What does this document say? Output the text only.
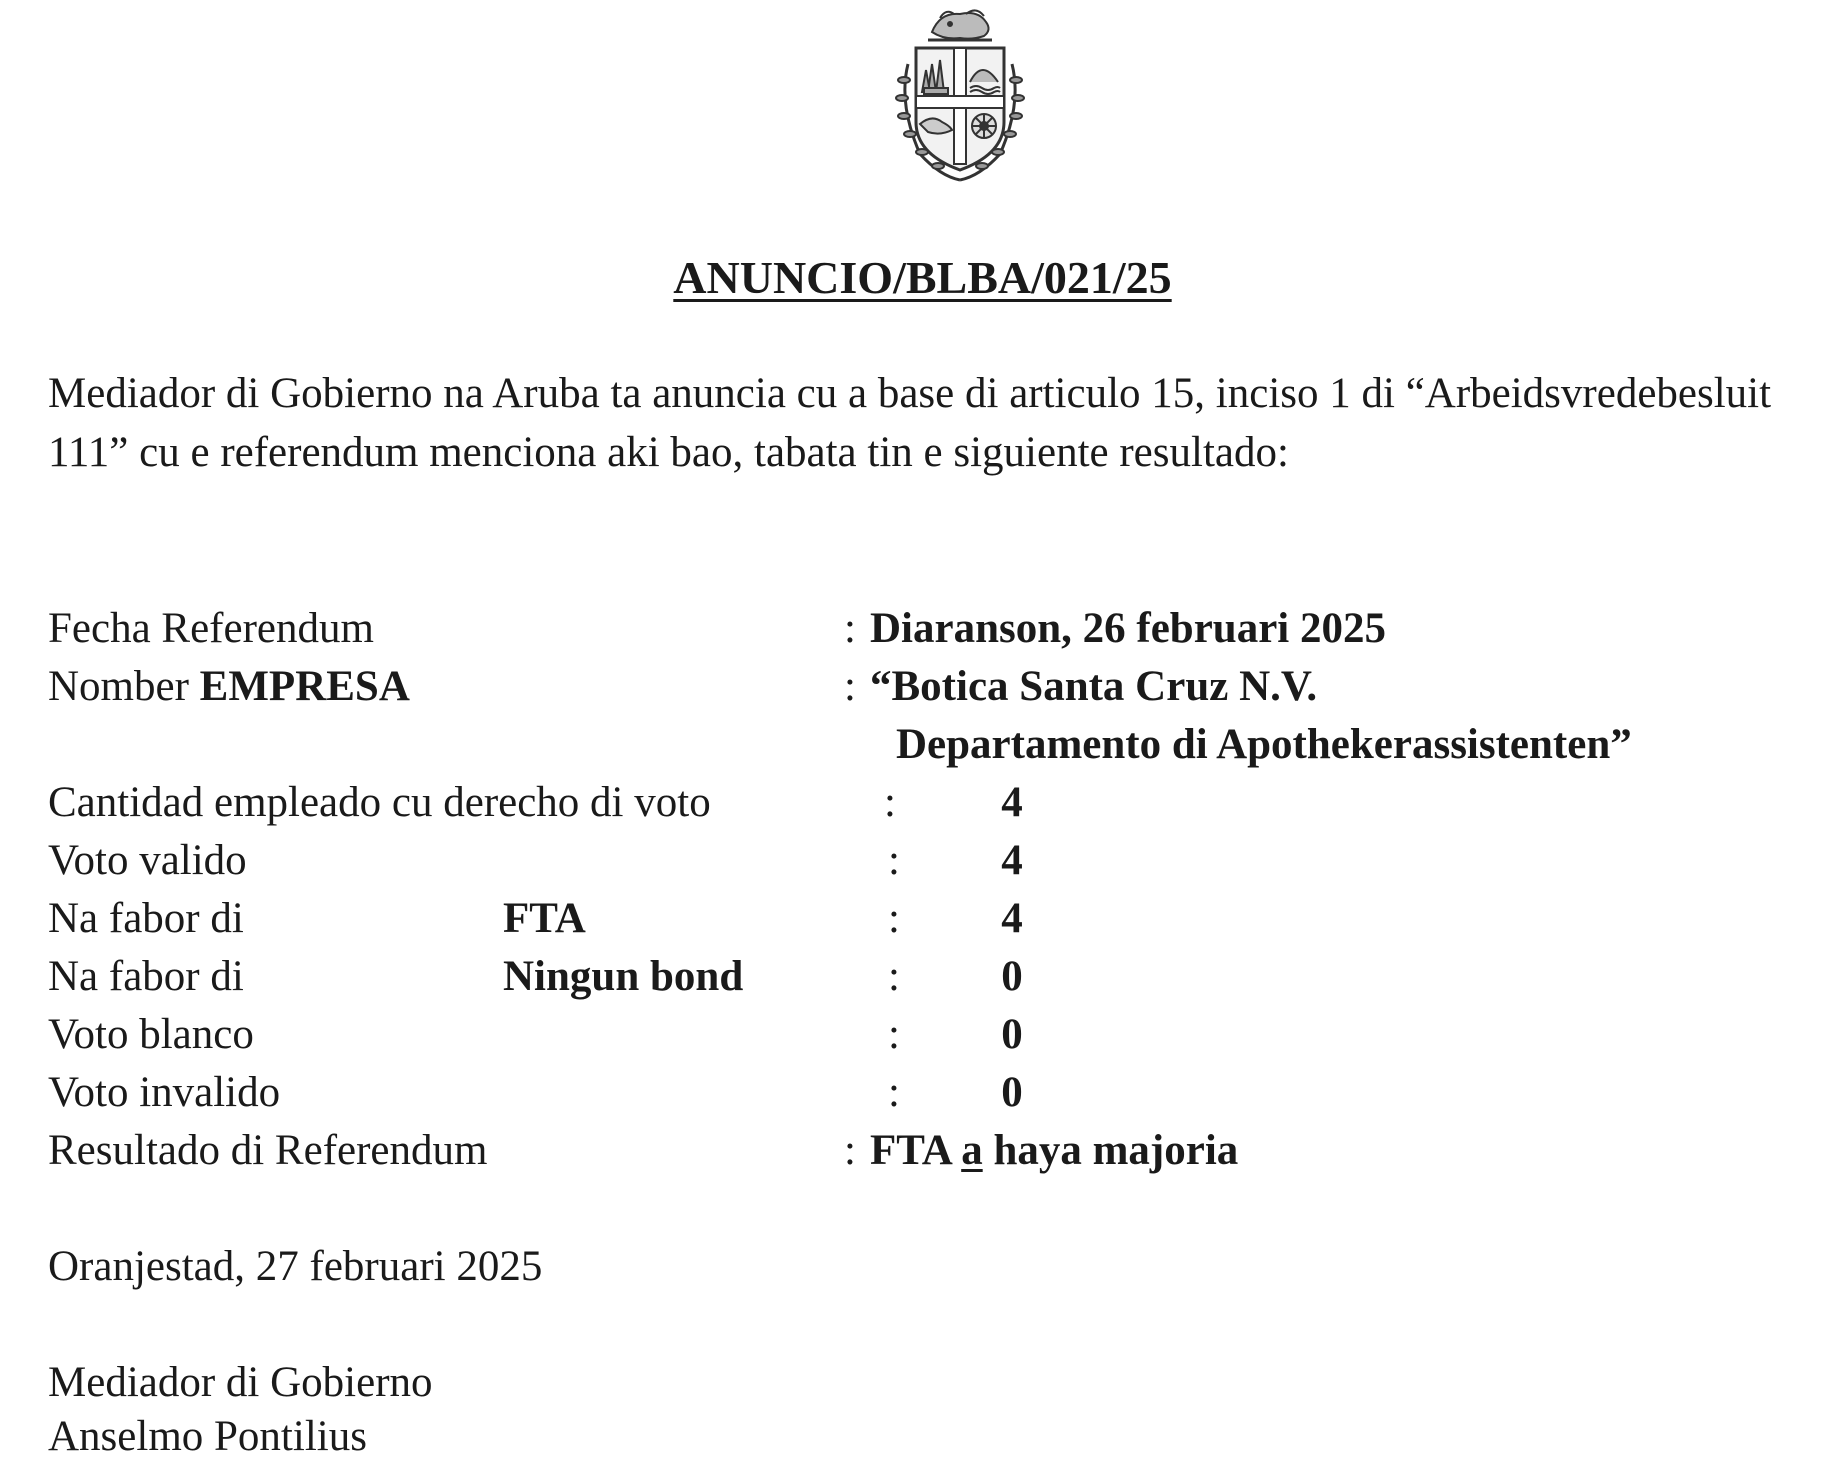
ANUNCIO/BLBA/021/25

Mediador di Gobierno na Aruba ta anuncia cu a base di articulo 15, inciso 1 di “Arbeidsvredebesluit 111” cu e referendum menciona aki bao, tabata tin e siguiente resultado:

Fecha Referendum	: Diaranson, 26 februari 2025
Nomber EMPRESA	: “Botica Santa Cruz N.V.
Departamento di Apothekerassistenten”
Cantidad empleado cu derecho di voto	:	4
Voto valido	:	4
Na fabor di	FTA	:	4
Na fabor di	Ningun bond	:	0
Voto blanco	:	0
Voto invalido	:	0
Resultado di Referendum	: FTA a haya majoria
Oranjestad, 27 februari 2025
Mediador di Gobierno
Anselmo Pontilius
